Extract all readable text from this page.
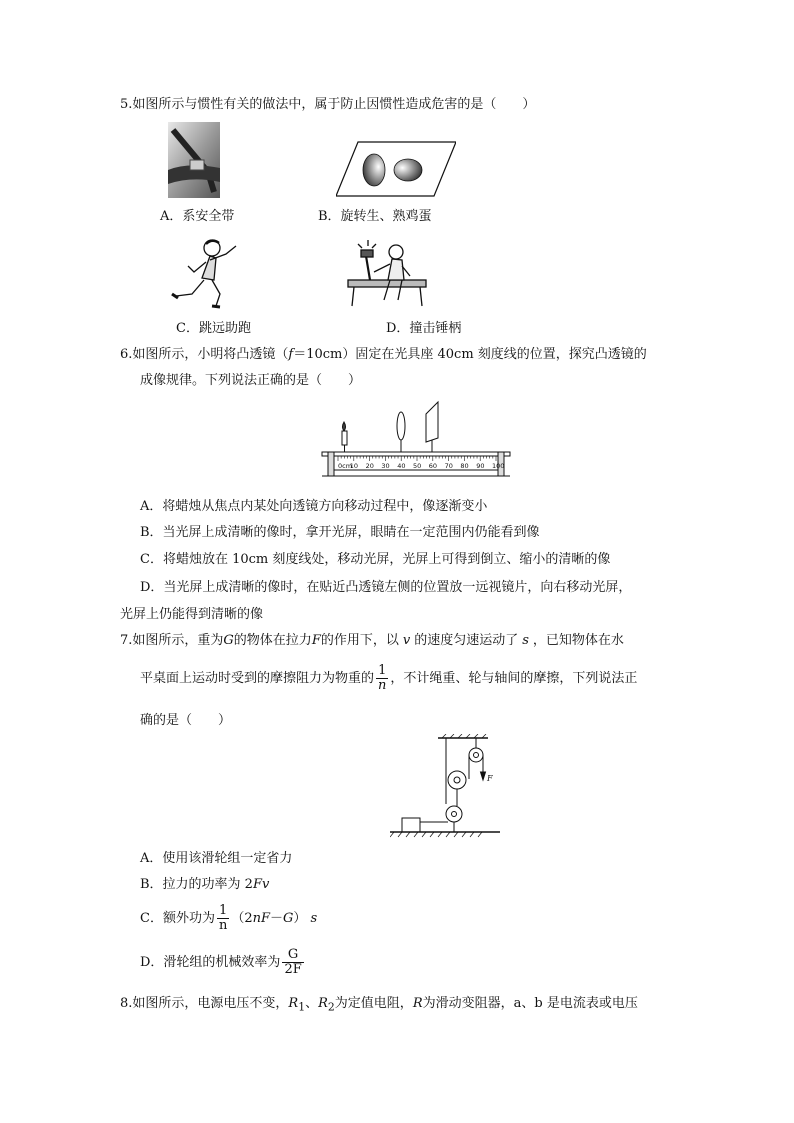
5.如图所示与惯性有关的做法中，属于防止因惯性造成危害的是（　　）
A．系安全带	B．旋转生、熟鸡蛋
C．跳远助跑	D．撞击锤柄
6.如图所示，小明将凸透镜（f＝10cm）固定在光具座 40cm 刻度线的位置，探究凸透镜的
成像规律。下列说法正确的是（　　）
0cm
10 20 30 40 50 60 70 80 90 100
A．将蜡烛从焦点内某处向透镜方向移动过程中，像逐渐变小
B．当光屏上成清晰的像时，拿开光屏，眼睛在一定范围内仍能看到像
C．将蜡烛放在 10cm 刻度线处，移动光屏，光屏上可得到倒立、缩小的清晰的像
D．当光屏上成清晰的像时，在贴近凸透镜左侧的位置放一远视镜片，向右移动光屏，
光屏上仍能得到清晰的像
7.如图所示，重为G的物体在拉力F的作用下，以 v 的速度匀速运动了 s ，已知物体在水
平桌面上运动时受到的摩擦阻力为物重的 $\frac{1}{n}$ ，不计绳重、轮与轴间的摩擦，下列说法正
确的是（　　）
F
A．使用该滑轮组一定省力
B．拉力的功率为 2Fv
C．额外功为 $\frac{1}{n} (2nF-G)$ s
D．滑轮组的机械效率为 $\frac{G}{2F}$
8.如图所示，电源电压不变，$R_1$、$R_2$为定值电阻，R为滑动变阻器，a、b 是电流表或电压
